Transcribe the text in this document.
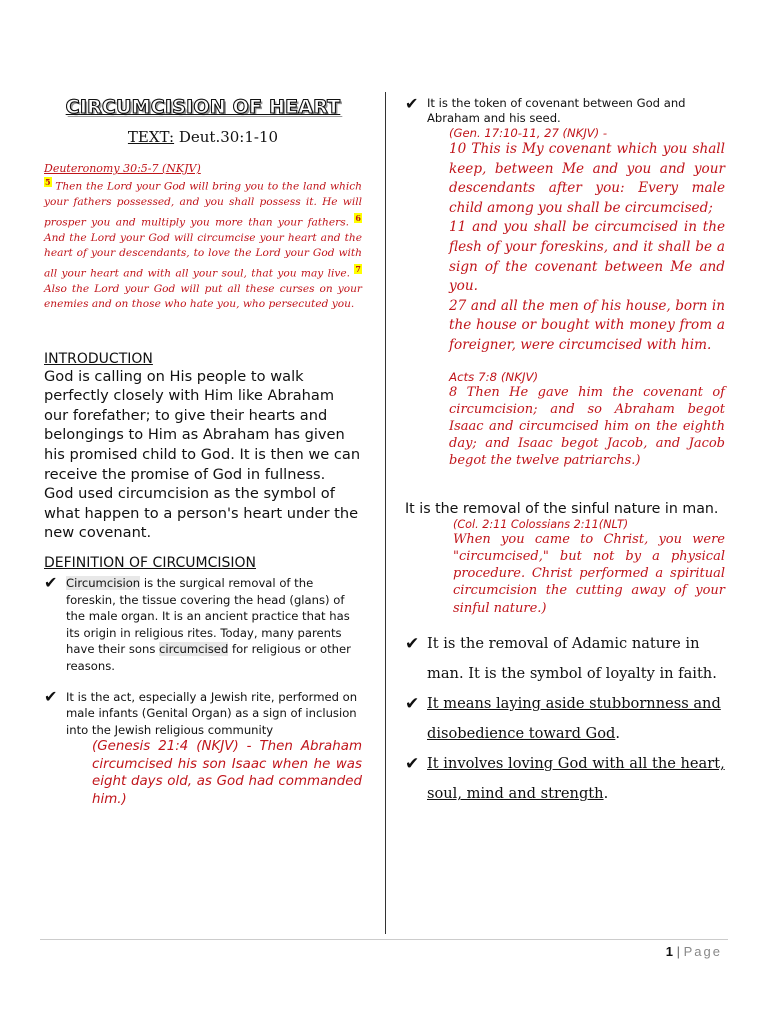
CIRCUMCISION OF HEART
TEXT: Deut.30:1-10
Deuteronomy 30:5-7 (NKJV)
$^5$ Then the Lord your God will bring you to the land which your fathers possessed, and you shall possess it. He will prosper you and multiply you more than your fathers. $^6$ And the Lord your God will circumcise your heart and the heart of your descendants, to love the Lord your God with all your heart and with all your soul, that you may live. $^7$ Also the Lord your God will put all these curses on your enemies and on those who hate you, who persecuted you.
INTRODUCTION
God is calling on His people to walk perfectly closely with Him like Abraham our forefather; to give their hearts and belongings to Him as Abraham has given his promised child to God. It is then we can receive the promise of God in fullness.
God used circumcision as the symbol of what happen to a person's heart under the new covenant.
DEFINITION OF CIRCUMCISION
✔ Circumcision is the surgical removal of the foreskin, the tissue covering the head (glans) of the male organ. It is an ancient practice that has its origin in religious rites. Today, many parents have their sons circumcised for religious or other reasons.
✔ It is the act, especially a Jewish rite, performed on male infants (Genital Organ) as a sign of inclusion into the Jewish religious community
(Genesis 21:4 (NKJV) - Then Abraham circumcised his son Isaac when he was eight days old, as God had commanded him.)
✔ It is the token of covenant between God and Abraham and his seed.
(Gen. 17:10-11, 27 (NKJV) -
10 This is My covenant which you shall keep, between Me and you and your descendants after you: Every male child among you shall be circumcised;
11 and you shall be circumcised in the flesh of your foreskins, and it shall be a sign of the covenant between Me and you.
27 and all the men of his house, born in the house or bought with money from a foreigner, were circumcised with him.
Acts 7:8 (NKJV)
8 Then He gave him the covenant of circumcision; and so Abraham begot Isaac and circumcised him on the eighth day; and Isaac begot Jacob, and Jacob begot the twelve patriarchs.)
It is the removal of the sinful nature in man.
(Col. 2:11 Colossians 2:11(NLT)
When you came to Christ, you were "circumcised," but not by a physical procedure. Christ performed a spiritual circumcision the cutting away of your sinful nature.)
✔ It is the removal of Adamic nature in man. It is the symbol of loyalty in faith.
✔ It means laying aside stubbornness and disobedience toward God.
✔ It involves loving God with all the heart, soul, mind and strength.
1 | Page
